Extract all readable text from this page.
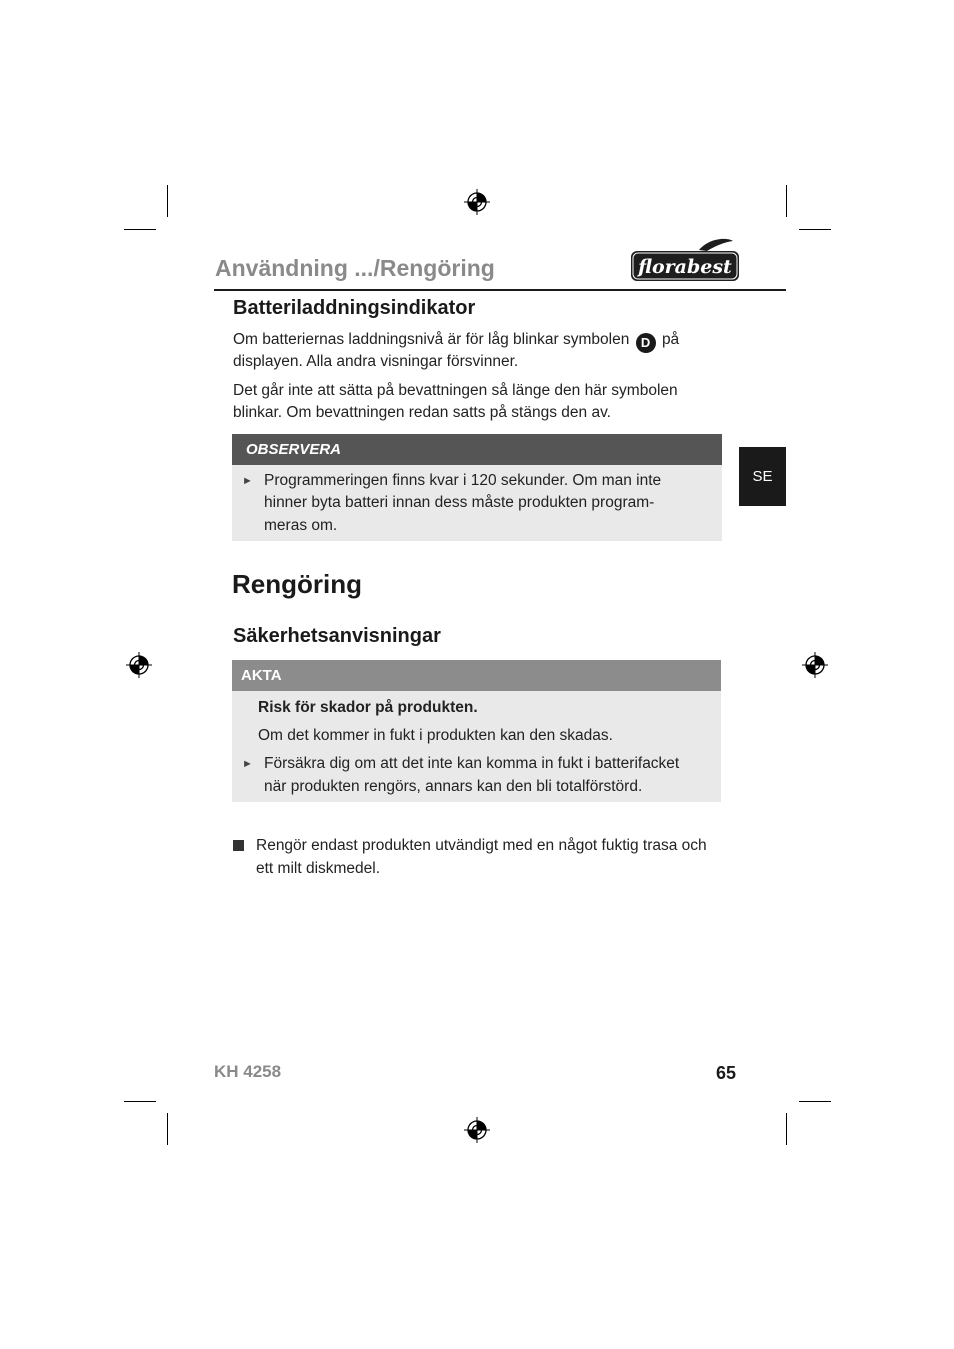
Användning .../Rengöring	florabest
SE
Batteriladdningsindikator
Om batteriernas laddningsnivå är för låg blinkar symbolen D på
displayen. Alla andra visningar försvinner.
Det går inte att sätta på bevattningen så länge den här symbolen
blinkar. Om bevattningen redan satts på stängs den av.
OBSERVERA
► Programmeringen finns kvar i 120 sekunder. Om man inte
hinner byta batteri innan dess måste produkten program-
meras om.
Rengöring
Säkerhetsanvisningar
AKTA
Risk för skador på produkten.
Om det kommer in fukt i produkten kan den skadas.
► Försäkra dig om att det inte kan komma in fukt i batterifacket
när produkten rengörs, annars kan den bli totalförstörd.
Rengör endast produkten utvändigt med en något fuktig trasa och
ett milt diskmedel.
KH 4258	65
